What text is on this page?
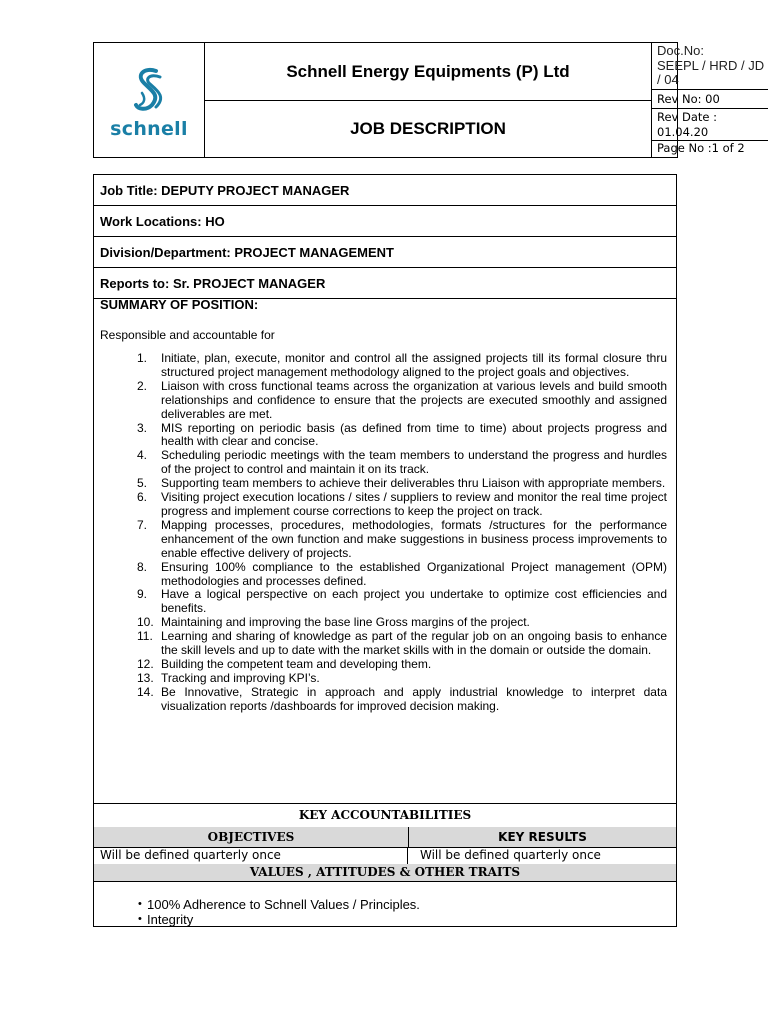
schnell
Schnell Energy Equipments (P) Ltd
JOB DESCRIPTION
Doc.No:
SEEPL / HRD / JD / 04
Rev No: 00
Rev Date :
01.04.20
Page No :1 of 2
Job Title: DEPUTY PROJECT MANAGER
Work Locations: HO
Division/Department: PROJECT MANAGEMENT
Reports to: Sr. PROJECT MANAGER
SUMMARY OF POSITION:
Responsible and accountable for
1.	Initiate, plan, execute, monitor and control all the assigned projects till its formal closure thru structured project management methodology aligned to the project goals and objectives.
2.	Liaison with cross functional teams across the organization at various levels and build smooth relationships and confidence to ensure that the projects are executed smoothly and assigned deliverables are met.
3.	MIS reporting on periodic basis (as defined from time to time) about projects progress and health with clear and concise.
4.	Scheduling periodic meetings with the team members to understand the progress and hurdles of the project to control and maintain it on its track.
5.	Supporting team members to achieve their deliverables thru Liaison with appropriate members.
6.	Visiting project execution locations / sites / suppliers to review and monitor the real time project progress and implement course corrections to keep the project on track.
7.	Mapping processes, procedures, methodologies, formats /structures for the performance enhancement of the own function and make suggestions in business process improvements to enable effective delivery of projects.
8.	Ensuring 100% compliance to the established Organizational Project management (OPM) methodologies and processes defined.
9.	Have a logical perspective on each project you undertake to optimize cost efficiencies and benefits.
10. Maintaining and improving the base line Gross margins of the project.
11. Learning and sharing of knowledge as part of the regular job on an ongoing basis to enhance the skill levels and up to date with the market skills with in the domain or outside the domain.
12. Building the competent team and developing them.
13. Tracking and improving KPI’s.
14. Be Innovative, Strategic in approach and apply industrial knowledge to interpret data visualization reports /dashboards for improved decision making.
KEY ACCOUNTABILITIES
OBJECTIVES	KEY RESULTS
Will be defined quarterly once	Will be defined quarterly once
VALUES , ATTITUDES & OTHER TRAITS
• 100% Adherence to Schnell Values / Principles.
• Integrity
